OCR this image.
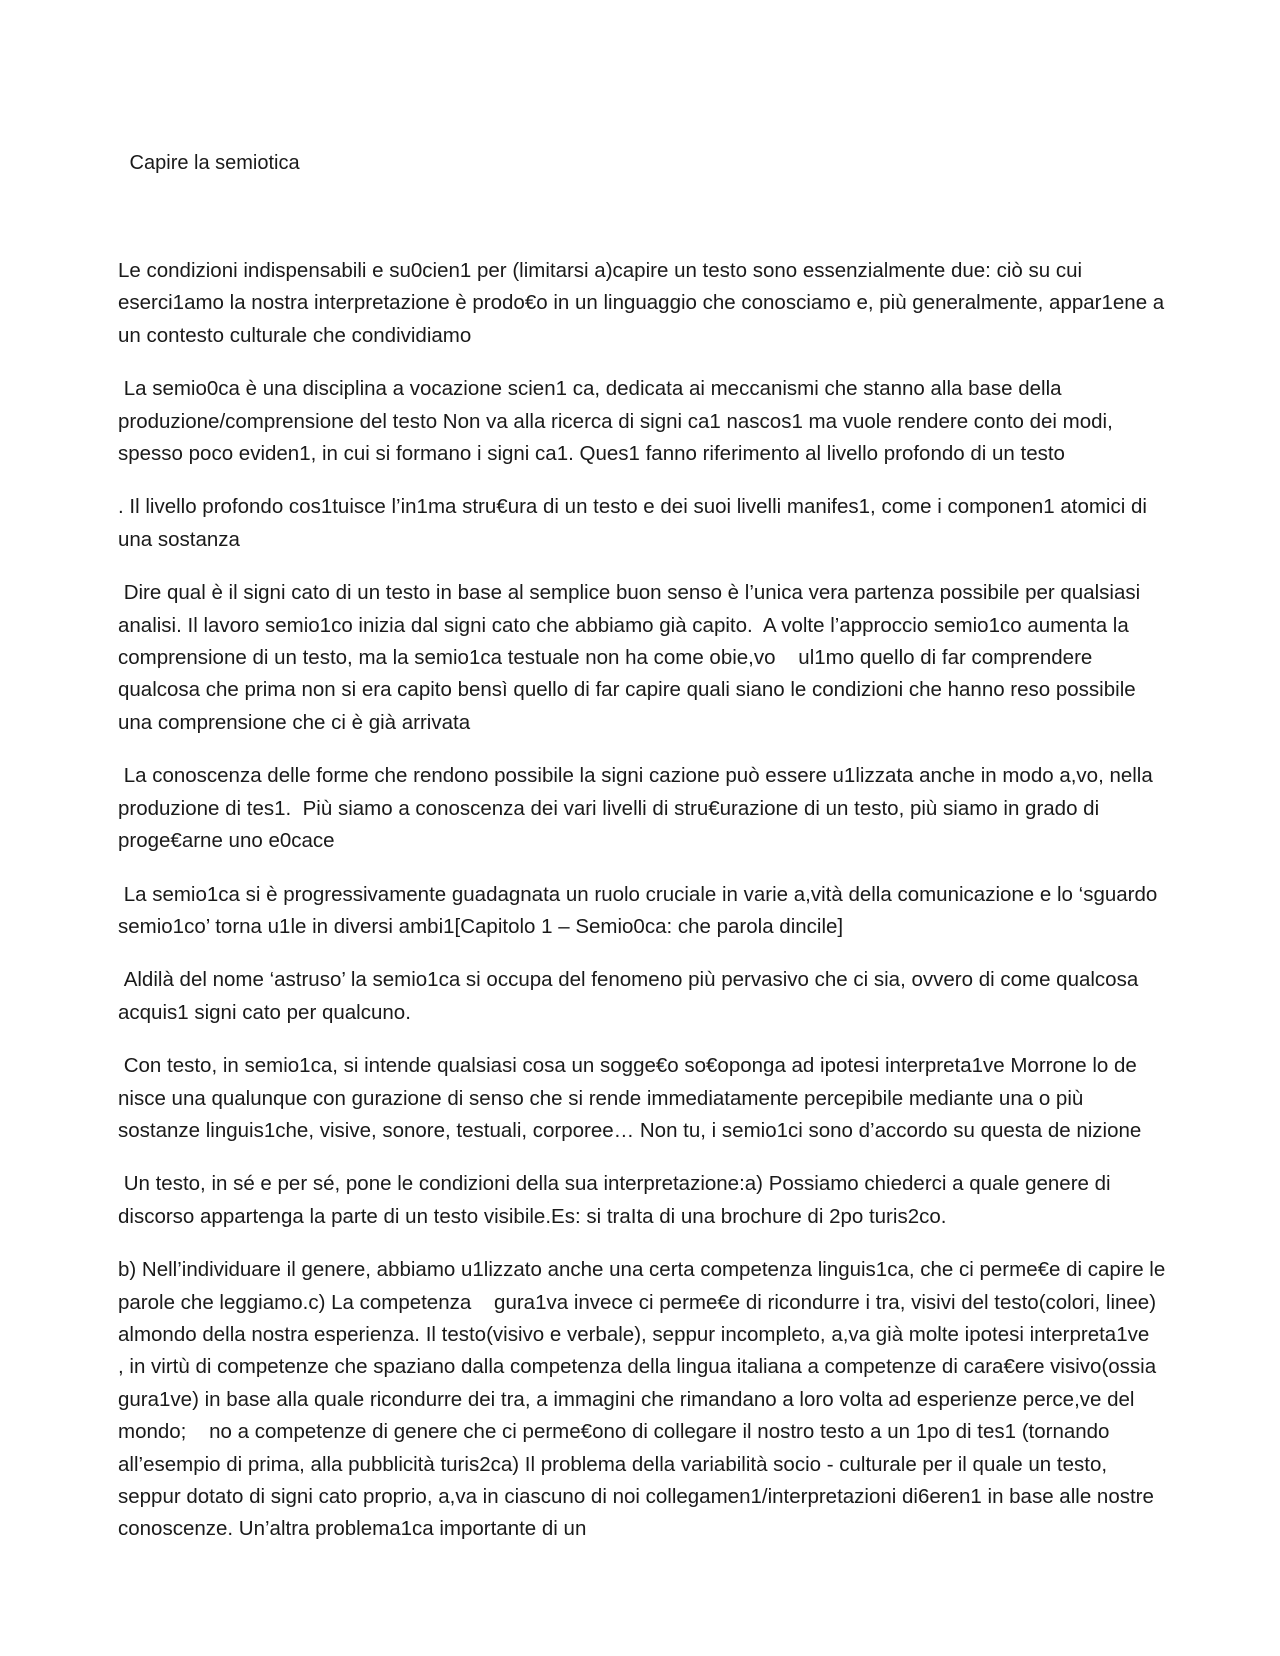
Capire la semiotica

Le condizioni indispensabili e su0cien1 per (limitarsi a)capire un testo sono essenzialmente due: ciò su cui eserci1amo la nostra interpretazione è prodo€o in un linguaggio che conosciamo e, più generalmente, appar1ene a un contesto culturale che condividiamo

La semio0ca è una disciplina a vocazione scien1 ca, dedicata ai meccanismi che stanno alla base della produzione/comprensione del testo Non va alla ricerca di signi ca1 nascos1 ma vuole rendere conto dei modi, spesso poco eviden1, in cui si formano i signi ca1. Ques1 fanno riferimento al livello profondo di un testo

. Il livello profondo cos1tuisce l’in1ma stru€ura di un testo e dei suoi livelli manifes1, come i componen1 atomici di una sostanza

Dire qual è il signi cato di un testo in base al semplice buon senso è l’unica vera partenza possibile per qualsiasi analisi. Il lavoro semio1co inizia dal signi cato che abbiamo già capito.  A volte l’approccio semio1co aumenta la comprensione di un testo, ma la semio1ca testuale non ha come obie,vo    ul1mo quello di far comprendere qualcosa che prima non si era capito bensì quello di far capire quali siano le condizioni che hanno reso possibile una comprensione che ci è già arrivata

La conoscenza delle forme che rendono possibile la signi cazione può essere u1lizzata anche in modo a,vo, nella produzione di tes1.  Più siamo a conoscenza dei vari livelli di stru€urazione di un testo, più siamo in grado di proge€arne uno e0cace

La semio1ca si è progressivamente guadagnata un ruolo cruciale in varie a,vità della comunicazione e lo ‘sguardo semio1co’ torna u1le in diversi ambi1[Capitolo 1 – Semio0ca: che parola dincile]

Aldilà del nome ‘astruso’ la semio1ca si occupa del fenomeno più pervasivo che ci sia, ovvero di come qualcosa acquis1 signi cato per qualcuno.

Con testo, in semio1ca, si intende qualsiasi cosa un sogge€o so€oponga ad ipotesi interpreta1ve Morrone lo de nisce una qualunque con gurazione di senso che si rende immediatamente percepibile mediante una o più sostanze linguis1che, visive, sonore, testuali, corporee… Non tu, i semio1ci sono d’accordo su questa de nizione

Un testo, in sé e per sé, pone le condizioni della sua interpretazione:a) Possiamo chiederci a quale genere di discorso appartenga la parte di un testo visibile.Es: si traIta di una brochure di 2po turis2co.

b) Nell’individuare il genere, abbiamo u1lizzato anche una certa competenza linguis1ca, che ci perme€e di capire le parole che leggiamo.c) La competenza    gura1va invece ci perme€e di ricondurre i tra, visivi del testo(colori, linee) almondo della nostra esperienza. Il testo(visivo e verbale), seppur incompleto, a,va già molte ipotesi interpreta1ve     , in virtù di competenze che spaziano dalla competenza della lingua italiana a competenze di cara€ere visivo(ossia    gura1ve) in base alla quale ricondurre dei tra, a immagini che rimandano a loro volta ad esperienze perce,ve del mondo;    no a competenze di genere che ci perme€ono di collegare il nostro testo a un 1po di tes1 (tornando all’esempio di prima, alla pubblicità turis2ca) Il problema della variabilità socio - culturale per il quale un testo, seppur dotato di signi cato proprio, a,va in ciascuno di noi collegamen1/interpretazioni di6eren1 in base alle nostre conoscenze. Un’altra problema1ca importante di un
